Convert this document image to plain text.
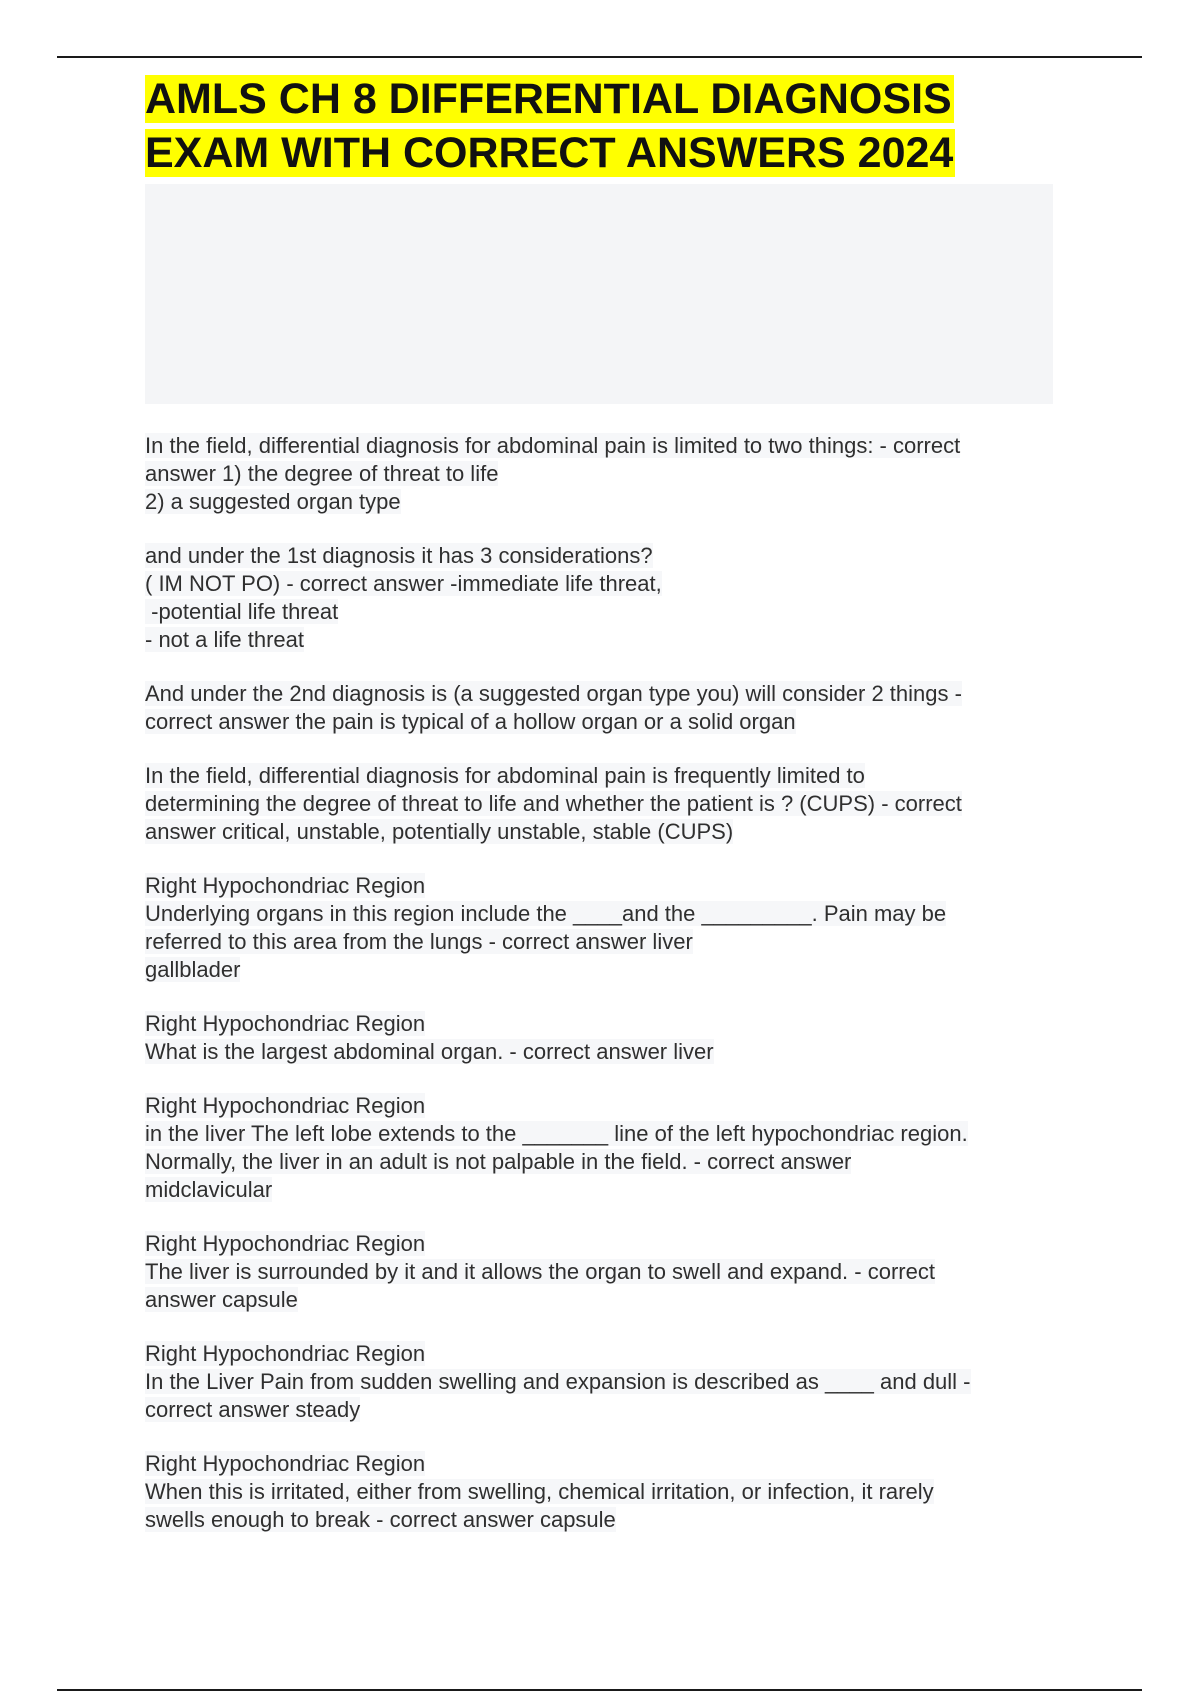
AMLS CH 8 DIFFERENTIAL DIAGNOSIS
EXAM WITH CORRECT ANSWERS 2024
In the field, differential diagnosis for abdominal pain is limited to two things: - correct
answer 1) the degree of threat to life
2) a suggested organ type
and under the 1st diagnosis it has 3 considerations?
( IM NOT PO) - correct answer -immediate life threat,
-potential life threat
- not a life threat
And under the 2nd diagnosis is (a suggested organ type you) will consider 2 things -
correct answer the pain is typical of a hollow organ or a solid organ
In the field, differential diagnosis for abdominal pain is frequently limited to
determining the degree of threat to life and whether the patient is ? (CUPS) - correct
answer critical, unstable, potentially unstable, stable (CUPS)
Right Hypochondriac Region
Underlying organs in this region include the ____and the _________. Pain may be
referred to this area from the lungs - correct answer liver
gallblader
Right Hypochondriac Region
What is the largest abdominal organ. - correct answer liver
Right Hypochondriac Region
in the liver The left lobe extends to the _______ line of the left hypochondriac region.
Normally, the liver in an adult is not palpable in the field. - correct answer
midclavicular
Right Hypochondriac Region
The liver is surrounded by it and it allows the organ to swell and expand. - correct
answer capsule
Right Hypochondriac Region
In the Liver Pain from sudden swelling and expansion is described as ____ and dull -
correct answer steady
Right Hypochondriac Region
When this is irritated, either from swelling, chemical irritation, or infection, it rarely
swells enough to break - correct answer capsule
